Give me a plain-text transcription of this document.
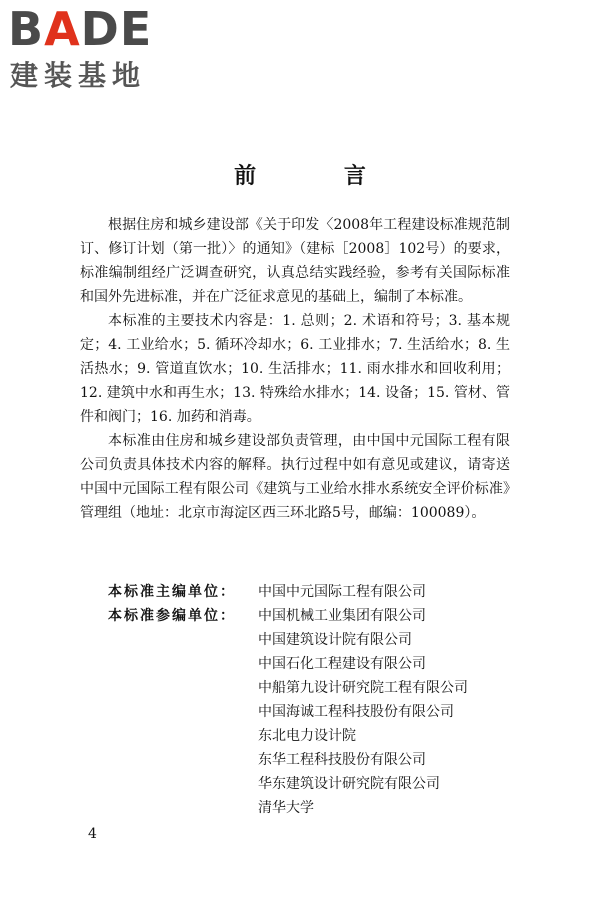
BADE
建装基地
前 言

根据住房和城乡建设部《关于印发〈2008年工程建设标准规范制订、修订计划（第一批）〉的通知》（建标［2008］102号）的要求，标准编制组经广泛调查研究，认真总结实践经验，参考有关国际标准和国外先进标准，并在广泛征求意见的基础上，编制了本标准。

本标准的主要技术内容是：1. 总则；2. 术语和符号；3. 基本规定；4. 工业给水；5. 循环冷却水；6. 工业排水；7. 生活给水；8. 生活热水；9. 管道直饮水；10. 生活排水；11. 雨水排水和回收利用；12. 建筑中水和再生水；13. 特殊给水排水；14. 设备；15. 管材、管件和阀门；16. 加药和消毒。

本标准由住房和城乡建设部负责管理，由中国中元国际工程有限公司负责具体技术内容的解释。执行过程中如有意见或建议，请寄送中国中元国际工程有限公司《建筑与工业给水排水系统安全评价标准》管理组（地址：北京市海淀区西三环北路5号，邮编：100089）。

本标准主编单位：	中国中元国际工程有限公司
本标准参编单位：	中国机械工业集团有限公司
中国建筑设计院有限公司
中国石化工程建设有限公司
中船第九设计研究院工程有限公司
中国海诚工程科技股份有限公司
东北电力设计院
东华工程科技股份有限公司
华东建筑设计研究院有限公司
清华大学
4
